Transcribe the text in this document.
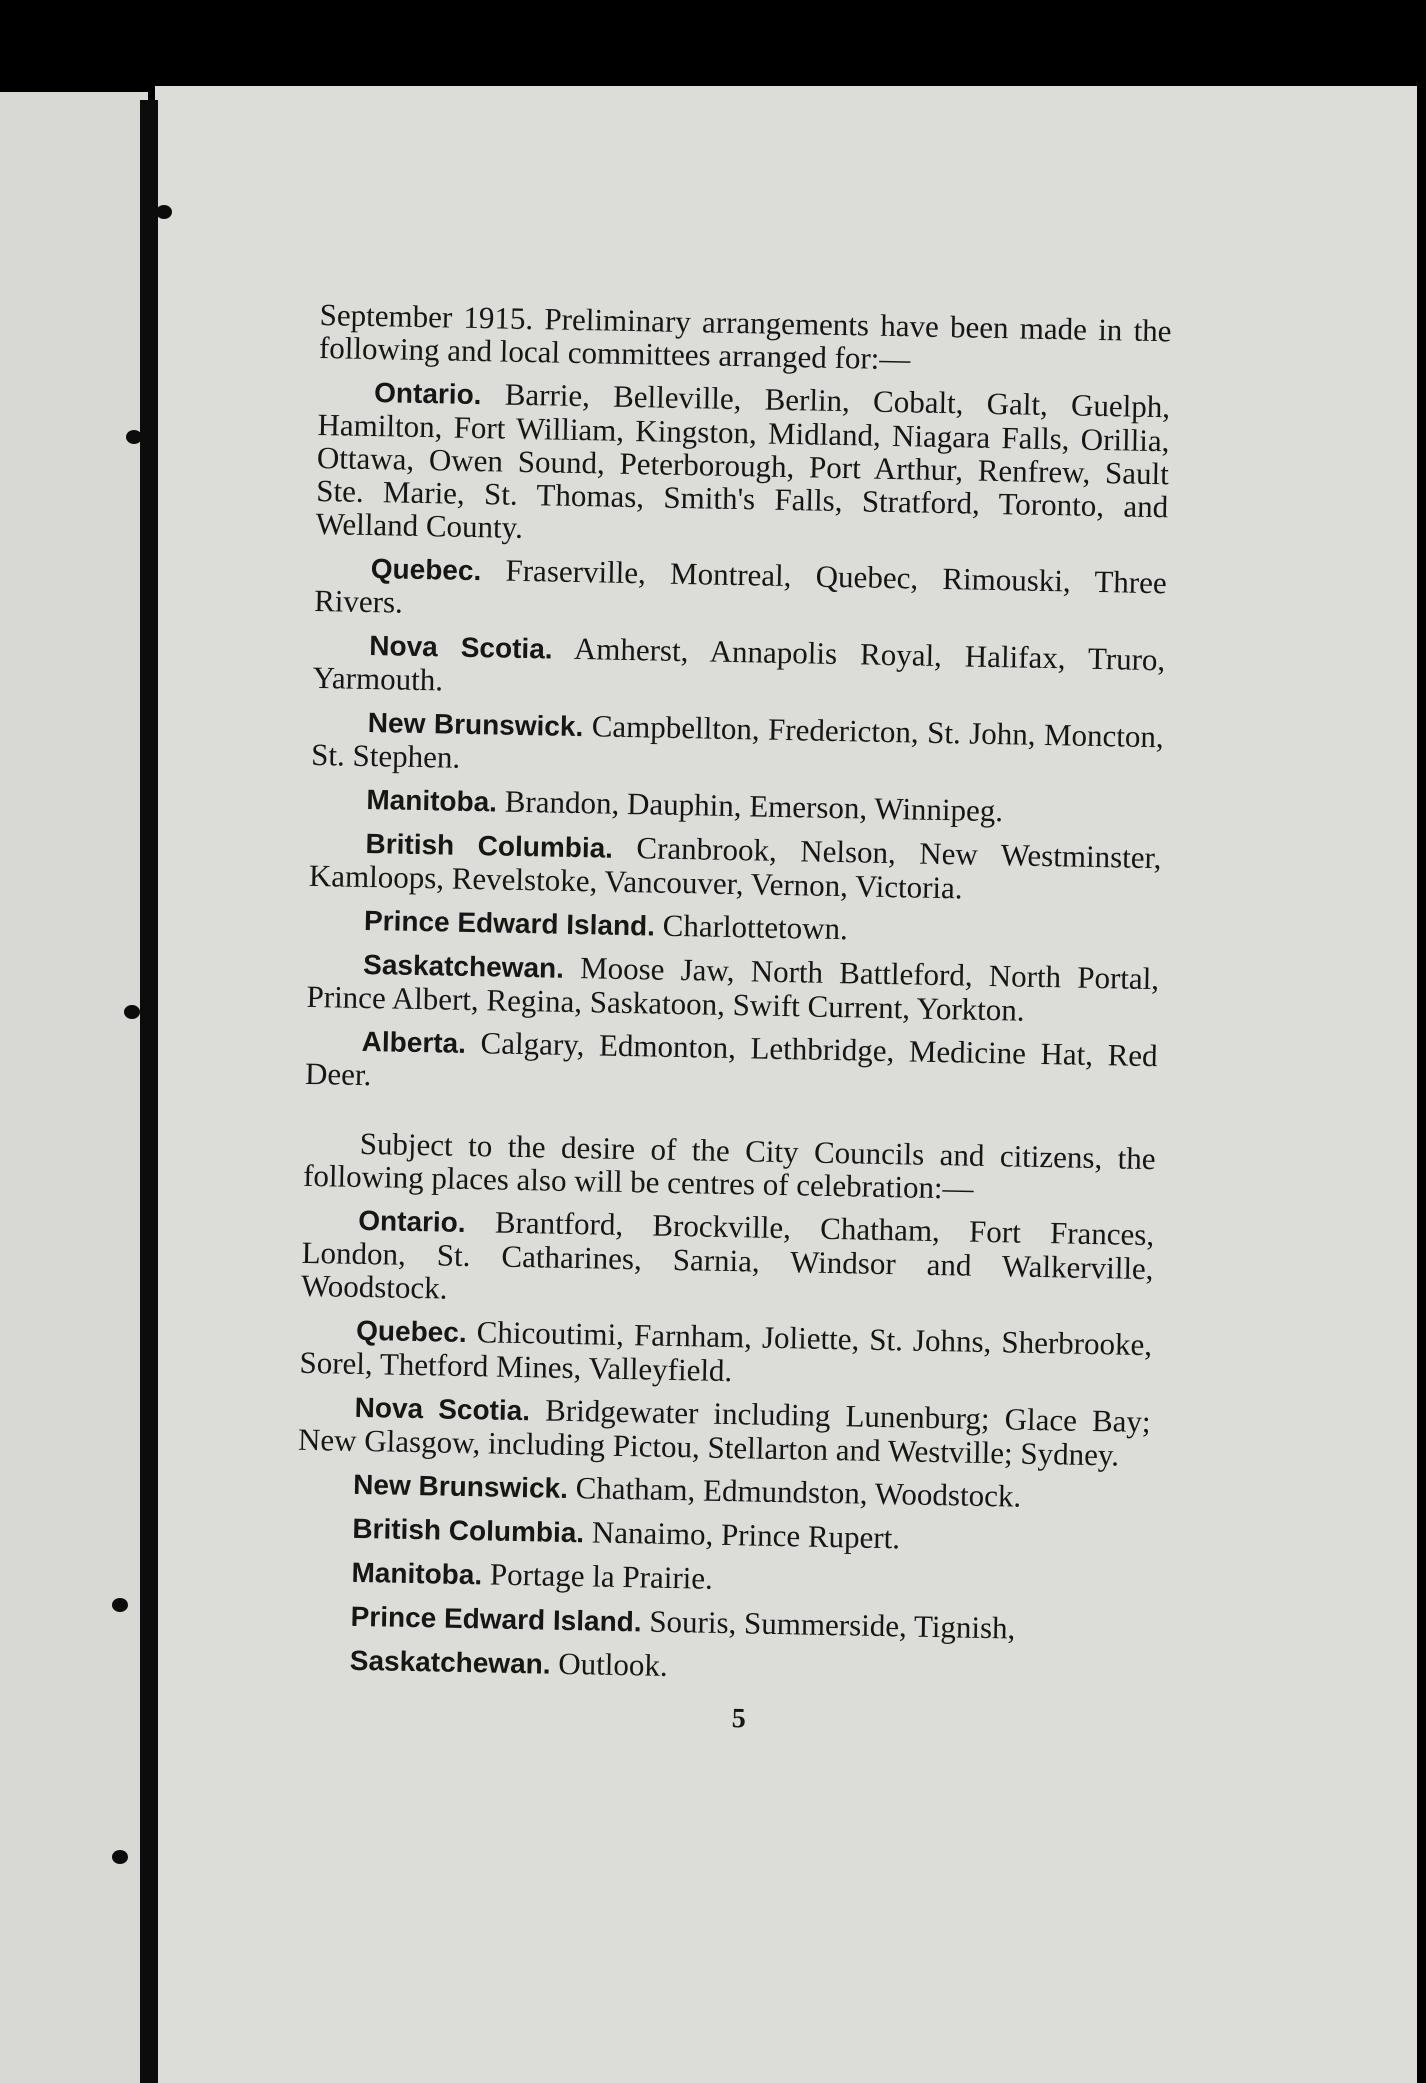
September 1915. Preliminary arrangements have been made in the following and local committees arranged for:—

Ontario. Barrie, Belleville, Berlin, Cobalt, Galt, Guelph, Hamilton, Fort William, Kingston, Midland, Niagara Falls, Orillia, Ottawa, Owen Sound, Peterborough, Port Arthur, Renfrew, Sault Ste. Marie, St. Thomas, Smith's Falls, Stratford, Toronto, and Welland County.

Quebec. Fraserville, Montreal, Quebec, Rimouski, Three Rivers.

Nova Scotia. Amherst, Annapolis Royal, Halifax, Truro, Yarmouth.

New Brunswick. Campbellton, Fredericton, St. John, Moncton, St. Stephen.

Manitoba. Brandon, Dauphin, Emerson, Winnipeg.

British Columbia. Cranbrook, Nelson, New Westminster, Kamloops, Revelstoke, Vancouver, Vernon, Victoria.

Prince Edward Island. Charlottetown.

Saskatchewan. Moose Jaw, North Battleford, North Portal, Prince Albert, Regina, Saskatoon, Swift Current, Yorkton.

Alberta. Calgary, Edmonton, Lethbridge, Medicine Hat, Red Deer.

Subject to the desire of the City Councils and citizens, the following places also will be centres of celebration:—

Ontario. Brantford, Brockville, Chatham, Fort Frances, London, St. Catharines, Sarnia, Windsor and Walkerville, Woodstock.

Quebec. Chicoutimi, Farnham, Joliette, St. Johns, Sherbrooke, Sorel, Thetford Mines, Valleyfield.

Nova Scotia. Bridgewater including Lunenburg; Glace Bay; New Glasgow, including Pictou, Stellarton and Westville; Sydney.

New Brunswick. Chatham, Edmundston, Woodstock.

British Columbia. Nanaimo, Prince Rupert.

Manitoba. Portage la Prairie.

Prince Edward Island. Souris, Summerside, Tignish,

Saskatchewan. Outlook.

5
